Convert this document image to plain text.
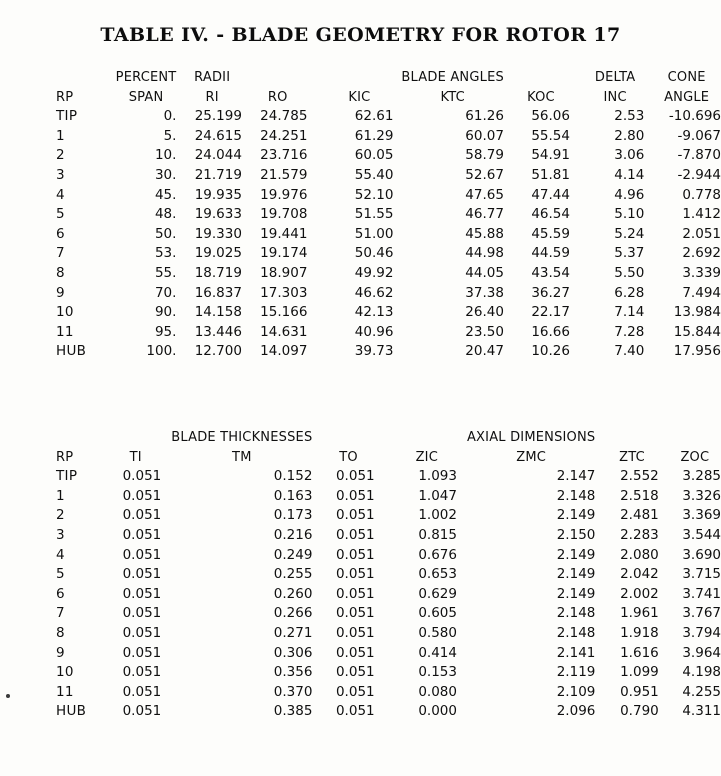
TABLE IV. - BLADE GEOMETRY FOR ROTOR 17
	PERCENT	RADII			BLADE ANGLES		DELTA	CONE
RP	SPAN	RI	RO	KIC	KTC	KOC	INC	ANGLE
TIP	0.	25.199	24.785	62.61	61.26	56.06	2.53	-10.696
1	5.	24.615	24.251	61.29	60.07	55.54	2.80	-9.067
2	10.	24.044	23.716	60.05	58.79	54.91	3.06	-7.870
3	30.	21.719	21.579	55.40	52.67	51.81	4.14	-2.944
4	45.	19.935	19.976	52.10	47.65	47.44	4.96	0.778
5	48.	19.633	19.708	51.55	46.77	46.54	5.10	1.412
6	50.	19.330	19.441	51.00	45.88	45.59	5.24	2.051
7	53.	19.025	19.174	50.46	44.98	44.59	5.37	2.692
8	55.	18.719	18.907	49.92	44.05	43.54	5.50	3.339
9	70.	16.837	17.303	46.62	37.38	36.27	6.28	7.494
10	90.	14.158	15.166	42.13	26.40	22.17	7.14	13.984
11	95.	13.446	14.631	40.96	23.50	16.66	7.28	15.844
HUB	100.	12.700	14.097	39.73	20.47	10.26	7.40	17.956
		BLADE THICKNESSES			AXIAL DIMENSIONS		
RP	TI	TM	TO	ZIC	ZMC	ZTC	ZOC
TIP	0.051	0.152	0.051	1.093	2.147	2.552	3.285
1	0.051	0.163	0.051	1.047	2.148	2.518	3.326
2	0.051	0.173	0.051	1.002	2.149	2.481	3.369
3	0.051	0.216	0.051	0.815	2.150	2.283	3.544
4	0.051	0.249	0.051	0.676	2.149	2.080	3.690
5	0.051	0.255	0.051	0.653	2.149	2.042	3.715
6	0.051	0.260	0.051	0.629	2.149	2.002	3.741
7	0.051	0.266	0.051	0.605	2.148	1.961	3.767
8	0.051	0.271	0.051	0.580	2.148	1.918	3.794
9	0.051	0.306	0.051	0.414	2.141	1.616	3.964
10	0.051	0.356	0.051	0.153	2.119	1.099	4.198
11	0.051	0.370	0.051	0.080	2.109	0.951	4.255
HUB	0.051	0.385	0.051	0.000	2.096	0.790	4.311
